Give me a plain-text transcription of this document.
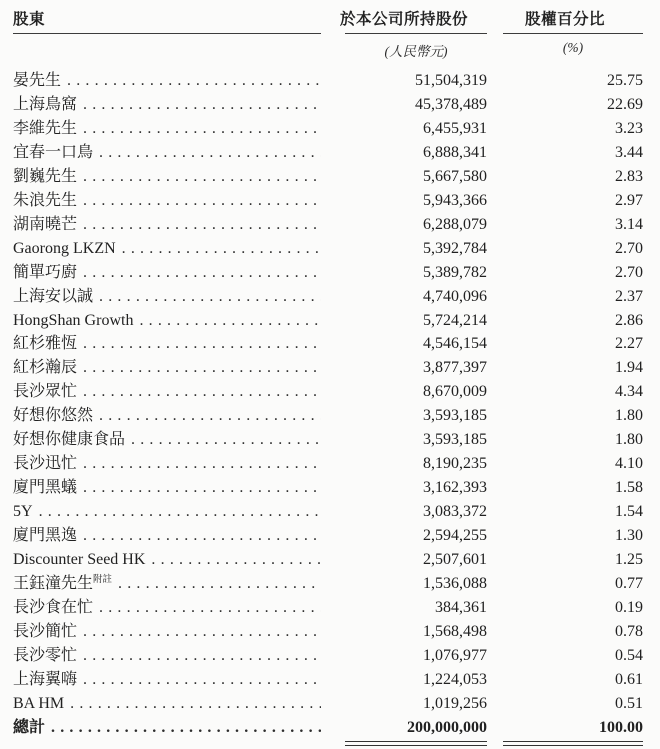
股東	於本公司所持股份
(人民幣元)
股權百分比
(%)
晏先生 .....	51,504,319	25.75
上海鳥窩 .....	45,378,489	22.69
李維先生 .....	6,455,931	3.23
宜春一口鳥 .....	6,888,341	3.44
劉巍先生 .....	5,667,580	2.83
朱浪先生 .....	5,943,366	2.97
湖南曉芒 .....	6,288,079	3.14
Gaorong LKZN .....	5,392,784	2.70
簡單巧廚 .....	5,389,782	2.70
上海安以誠 .....	4,740,096	2.37
HongShan Growth .....	5,724,214	2.86
紅杉雅恆 .....	4,546,154	2.27
紅杉瀚辰 .....	3,877,397	1.94
長沙眾忙 .....	8,670,009	4.34
好想你悠然 .....	3,593,185	1.80
好想你健康食品 .....	3,593,185	1.80
長沙迅忙 .....	8,190,235	4.10
廈門黑蟻 .....	3,162,393	1.58
5Y .....	3,083,372	1.54
廈門黑逸 .....	2,594,255	1.30
Discounter Seed HK .....	2,507,601	1.25
王鈺潼先生$^{附註}$ .....	1,536,088	0.77
長沙食在忙 .....	384,361	0.19
長沙簡忙 .....	1,568,498	0.78
長沙零忙 .....	1,076,977	0.54
上海翼嗨 .....	1,224,053	0.61
BA HM .....	1,019,256	0.51
總計 .....	200,000,000	100.00
